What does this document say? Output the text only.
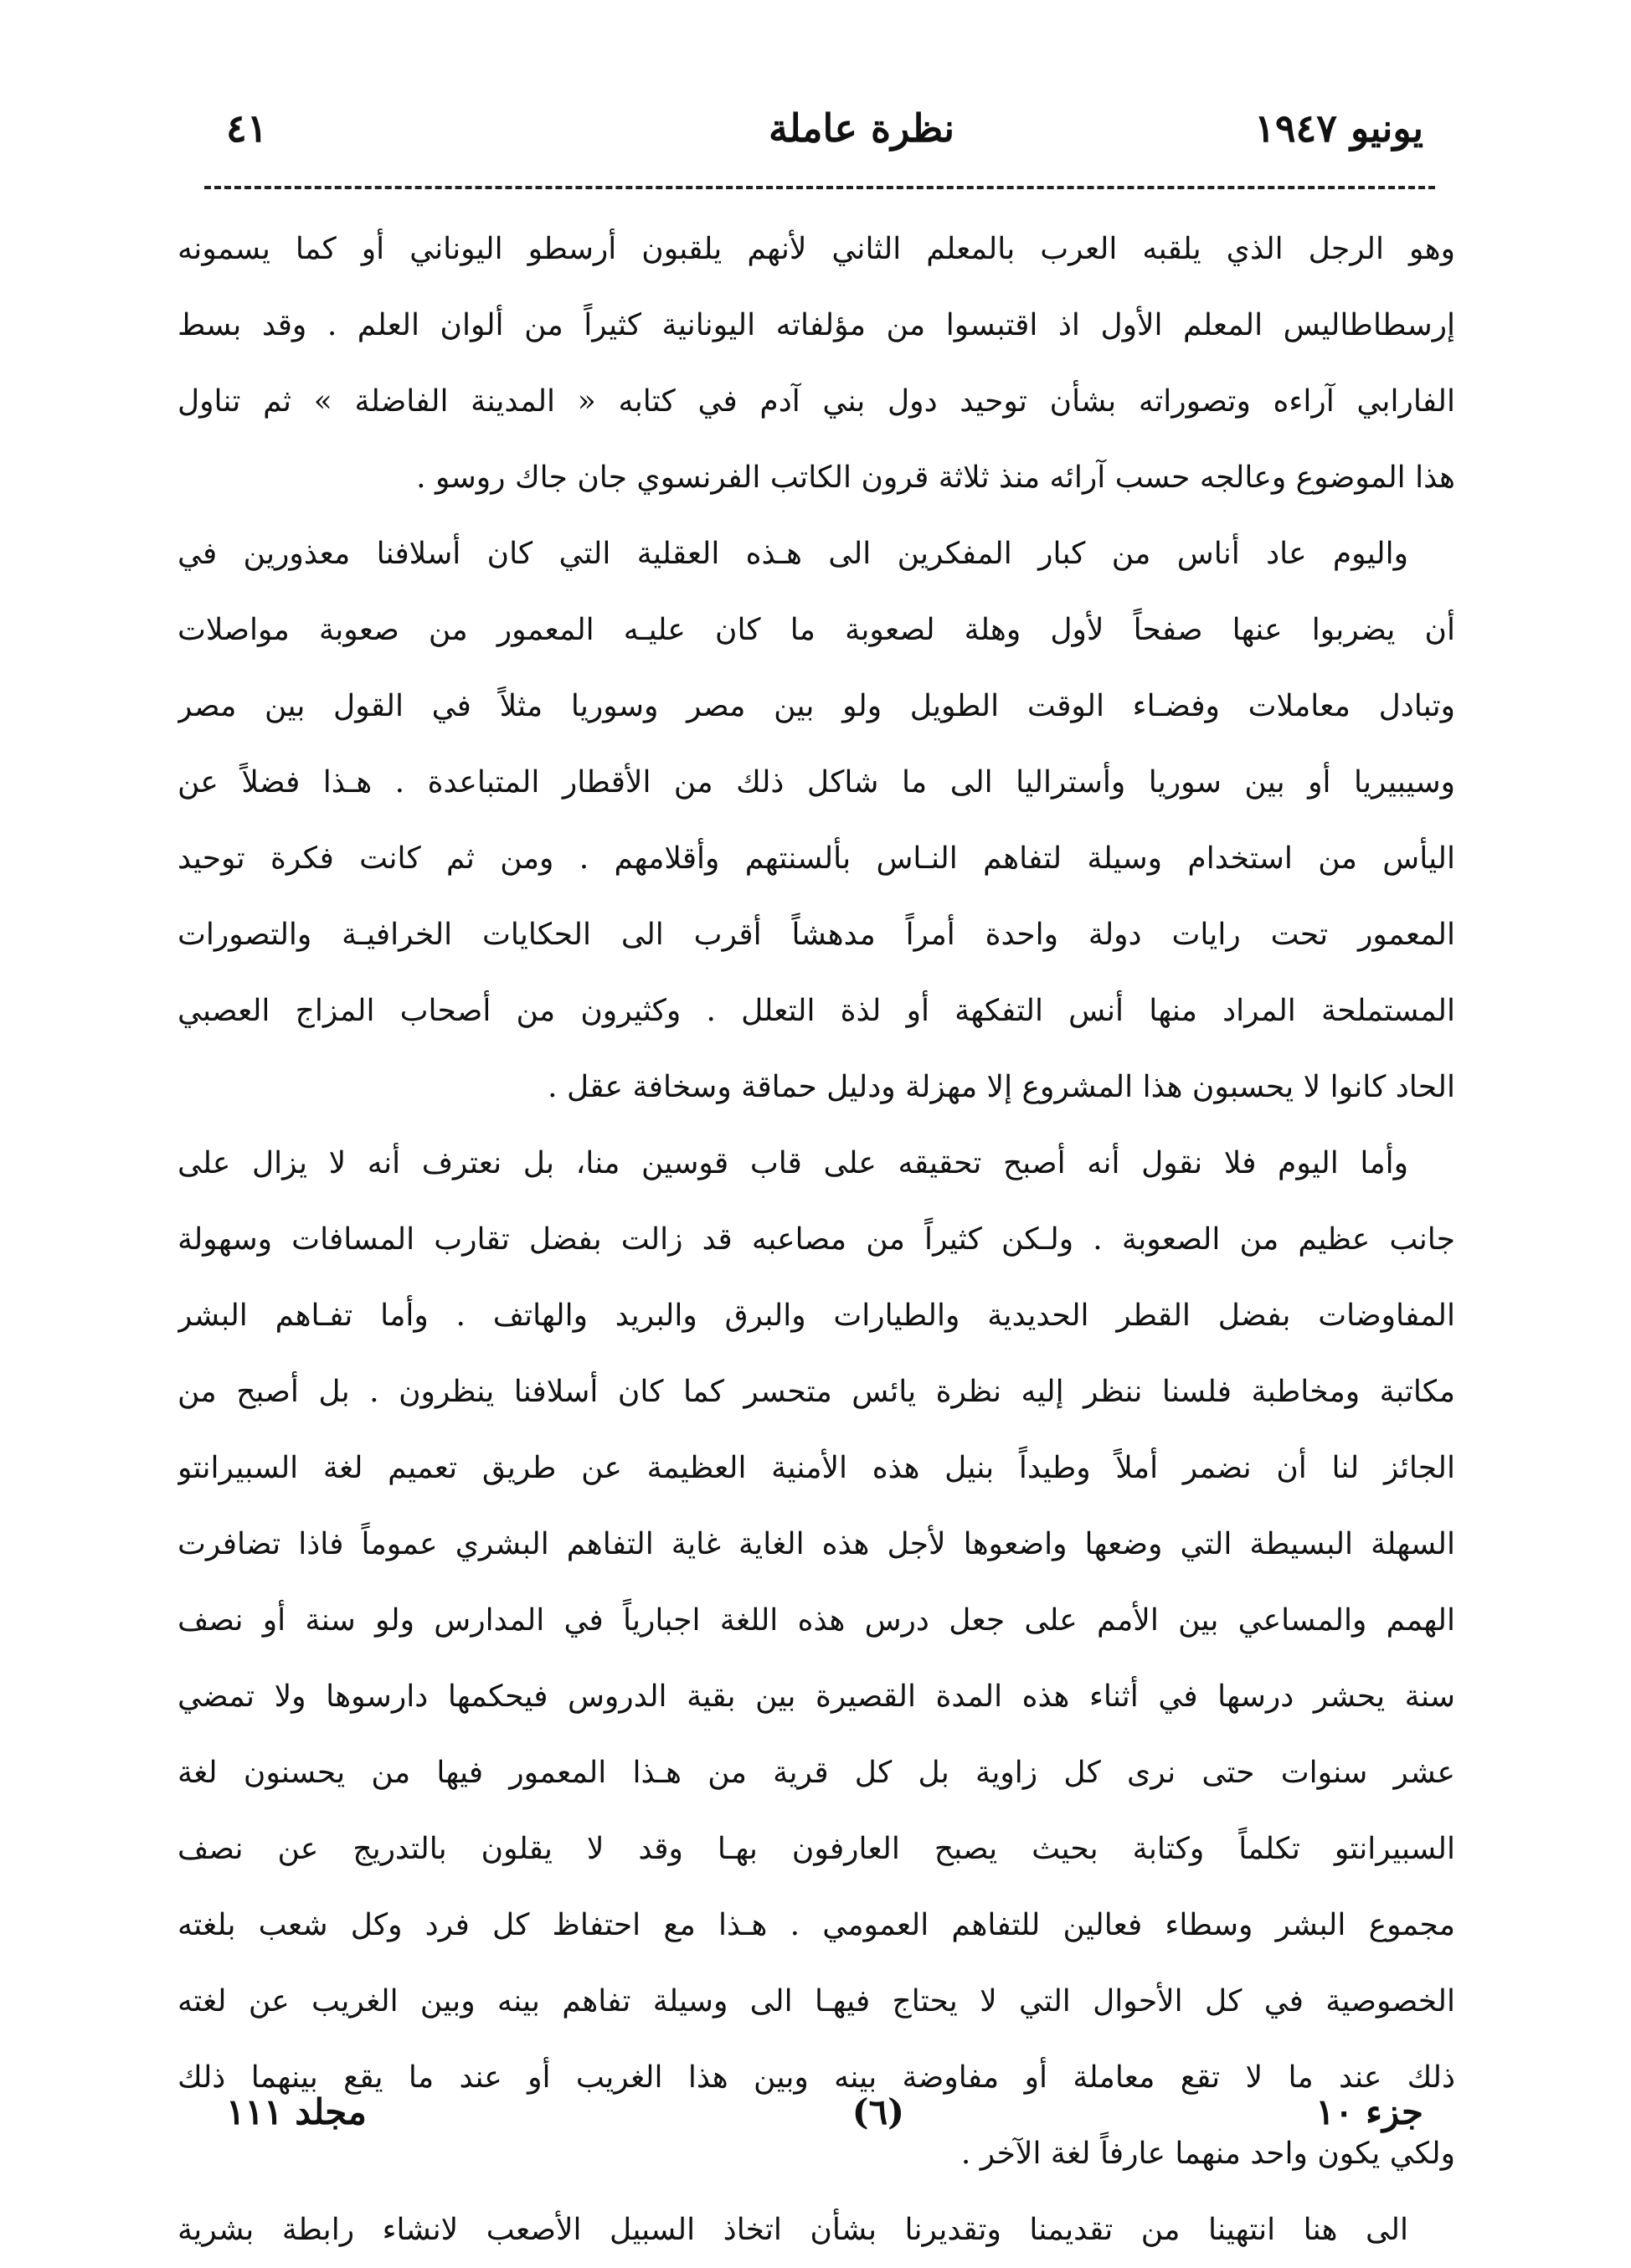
يونيو ١٩٤٧
نظرة عاملة
٤١
وهو الرجل الذي يلقبه العرب بالمعلم الثاني لأنهم يلقبون أرسطو اليوناني أو كما يسمونه
إرسطاطاليس المعلم الأول اذ اقتبسوا من مؤلفاته اليونانية كثيراً من ألوان العلم . وقد بسط
الفارابي آراءه وتصوراته بشأن توحيد دول بني آدم في كتابه « المدينة الفاضلة » ثم تناول
هذا الموضوع وعالجه حسب آرائه منذ ثلاثة قرون الكاتب الفرنسوي جان جاك روسو .
واليوم عاد أناس من كبار المفكرين الى هـذه العقلية التي كان أسلافنا معذورين في
أن يضربوا عنها صفحاً لأول وهلة لصعوبة ما كان عليـه المعمور من صعوبة مواصلات
وتبادل معاملات وفضـاء الوقت الطويل ولو بين مصر وسوريا مثلاً في القول بين مصر
وسيبيريا أو بين سوريا وأستراليا الى ما شاكل ذلك من الأقطار المتباعدة . هـذا فضلاً عن
اليأس من استخدام وسيلة لتفاهم النـاس بألسنتهم وأقلامهم . ومن ثم كانت فكرة توحيد
المعمور تحت رايات دولة واحدة أمراً مدهشاً أقرب الى الحكايات الخرافيـة والتصورات
المستملحة المراد منها أنس التفكهة أو لذة التعلل . وكثيرون من أصحاب المزاج العصبي
الحاد كانوا لا يحسبون هذا المشروع إلا مهزلة ودليل حماقة وسخافة عقل .
وأما اليوم فلا نقول أنه أصبح تحقيقه على قاب قوسين منا، بل نعترف أنه لا يزال على
جانب عظيم من الصعوبة . ولـكن كثيراً من مصاعبه قد زالت بفضل تقارب المسافات وسهولة
المفاوضات بفضل القطر الحديدية والطيارات والبرق والبريد والهاتف . وأما تفـاهم البشر
مكاتبة ومخاطبة فلسنا ننظر إليه نظرة يائس متحسر كما كان أسلافنا ينظرون . بل أصبح من
الجائز لنا أن نضمر أملاً وطيداً بنيل هذه الأمنية العظيمة عن طريق تعميم لغة السبيرانتو
السهلة البسيطة التي وضعها واضعوها لأجل هذه الغاية غاية التفاهم البشري عموماً فاذا تضافرت
الهمم والمساعي بين الأمم على جعل درس هذه اللغة اجبارياً في المدارس ولو سنة أو نصف
سنة يحشر درسها في أثناء هذه المدة القصيرة بين بقية الدروس فيحكمها دارسوها ولا تمضي
عشر سنوات حتى نرى كل زاوية بل كل قرية من هـذا المعمور فيها من يحسنون لغة
السبيرانتو تكلماً وكتابة بحيث يصبح العارفون بهـا وقد لا يقلون بالتدريج عن نصف
مجموع البشر وسطاء فعالين للتفاهم العمومي . هـذا مع احتفاظ كل فرد وكل شعب بلغته
الخصوصية في كل الأحوال التي لا يحتاج فيهـا الى وسيلة تفاهم بينه وبين الغريب عن لغته
ذلك عند ما لا تقع معاملة أو مفاوضة بينه وبين هذا الغريب أو عند ما يقع بينهما ذلك
ولكي يكون واحد منهما عارفاً لغة الآخر .
الى هنا انتهينا من تقديمنا وتقديرنا بشأن اتخاذ السبيل الأصعب لانشاء رابطة بشرية
جزء ١٠
(٦)
مجلد ١١١
